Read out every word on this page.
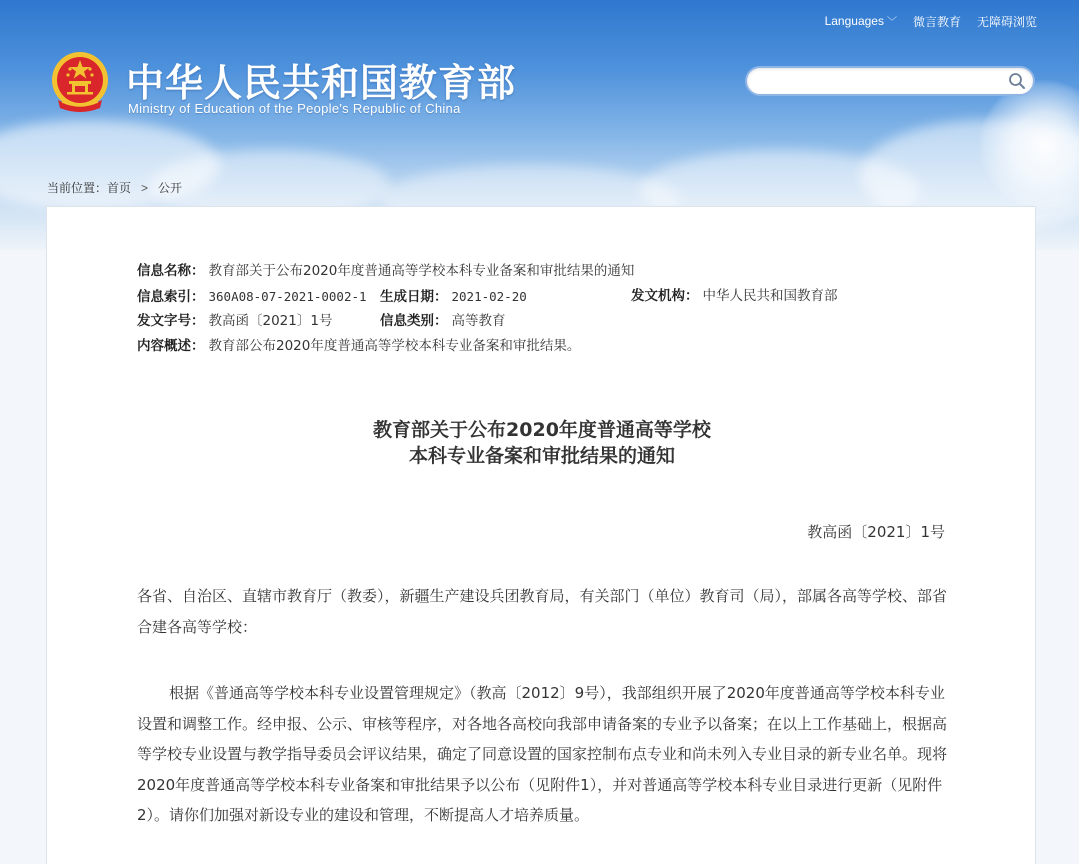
Languages ﹀ 微言教育 无障碍浏览
中华人民共和国教育部
Ministry of Education of the People's Republic of China
当前位置： 首页 > 公开
信息名称： 教育部关于公布2020年度普通高等学校本科专业备案和审批结果的通知
信息索引： 360A08-07-2021-0002-1 生成日期： 2021-02-20	发文机构： 中华人民共和国教育部
发文字号： 教高函〔2021〕1号	信息类别： 高等教育
内容概述： 教育部公布2020年度普通高等学校本科专业备案和审批结果。
教育部关于公布2020年度普通高等学校
本科专业备案和审批结果的通知
教高函〔2021〕1号
各省、自治区、直辖市教育厅（教委），新疆生产建设兵团教育局，有关部门（单位）教育司（局），部属各高等学校、部省合建各高等学校：
根据《普通高等学校本科专业设置管理规定》（教高〔2012〕9号），我部组织开展了2020年度普通高等学校本科专业设置和调整工作。经申报、公示、审核等程序，对各地各高校向我部申请备案的专业予以备案；在以上工作基础上，根据高等学校专业设置与教学指导委员会评议结果，确定了同意设置的国家控制布点专业和尚未列入专业目录的新专业名单。现将2020年度普通高等学校本科专业备案和审批结果予以公布（见附件1），并对普通高等学校本科专业目录进行更新（见附件2）。请你们加强对新设专业的建设和管理，不断提高人才培养质量。
